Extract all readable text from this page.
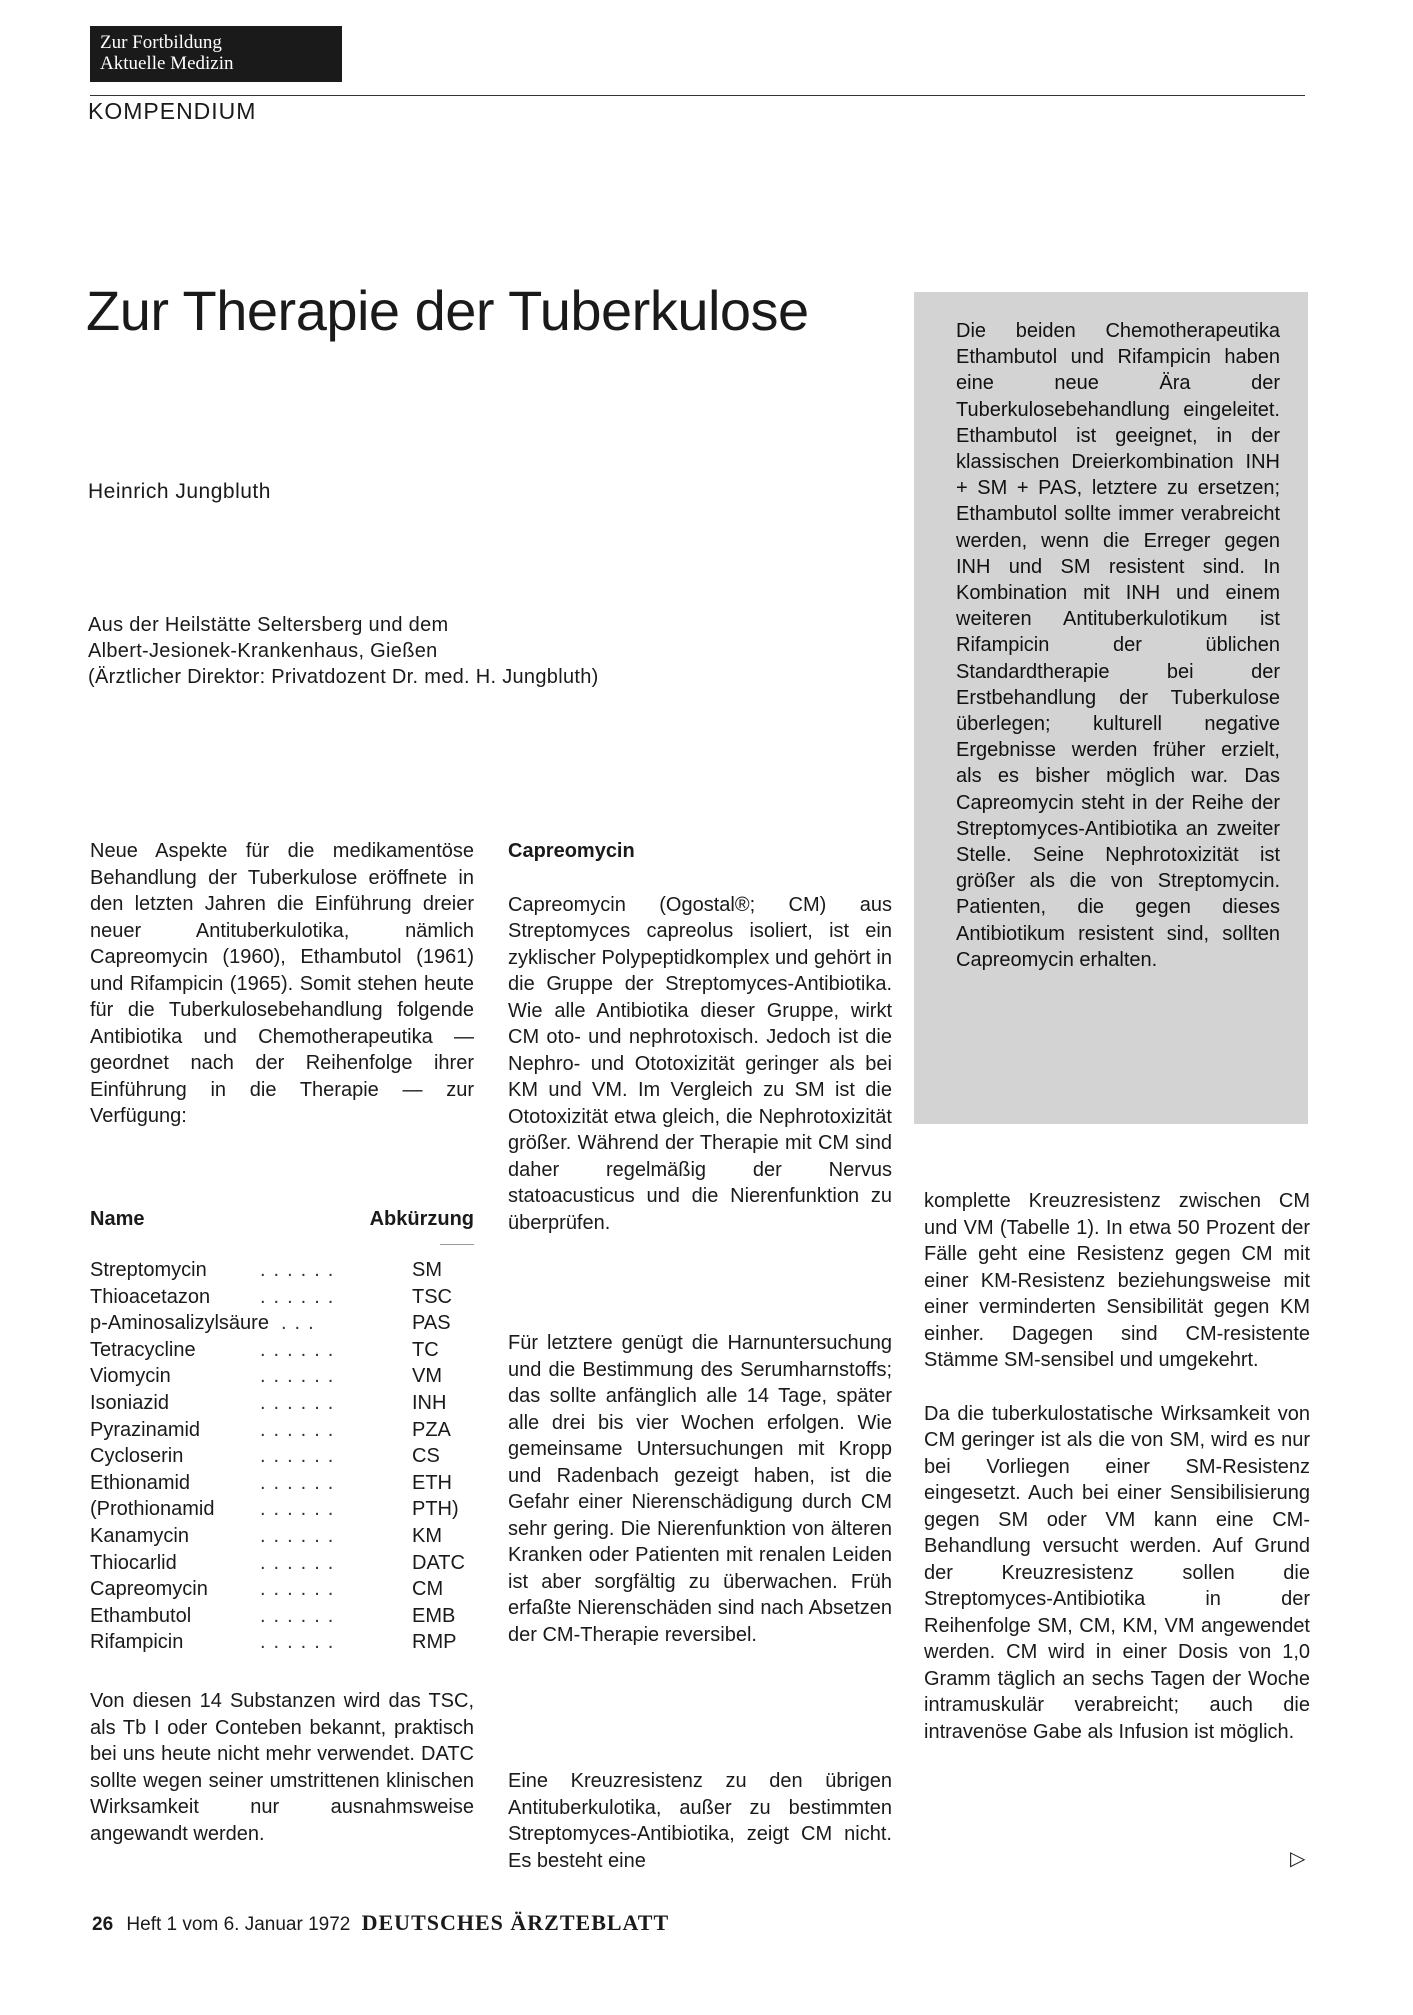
Zur Fortbildung
Aktuelle Medizin
KOMPENDIUM
Zur Therapie der Tuberkulose
Heinrich Jungbluth
Aus der Heilstätte Seltersberg und dem
Albert-Jesionek-Krankenhaus, Gießen
(Ärztlicher Direktor: Privatdozent Dr. med. H. Jungbluth)
Die beiden Chemotherapeutika Ethambutol und Rifampicin haben eine neue Ära der Tuberkulosebehandlung eingeleitet. Ethambutol ist geeignet, in der klassischen Dreierkombination INH + SM + PAS, letztere zu ersetzen; Ethambutol sollte immer verabreicht werden, wenn die Erreger gegen INH und SM resistent sind. In Kombination mit INH und einem weiteren Antituberkulotikum ist Rifampicin der üblichen Standardtherapie bei der Erstbehandlung der Tuberkulose überlegen; kulturell negative Ergebnisse werden früher erzielt, als es bisher möglich war. Das Capreomycin steht in der Reihe der Streptomyces-Antibiotika an zweiter Stelle. Seine Nephrotoxizität ist größer als die von Streptomycin. Patienten, die gegen dieses Antibiotikum resistent sind, sollten Capreomycin erhalten.

Neue Aspekte für die medikamentöse Behandlung der Tuberkulose eröffnete in den letzten Jahren die Einführung dreier neuer Antituberkulotika, nämlich Capreomycin (1960), Ethambutol (1961) und Rifampicin (1965). Somit stehen heute für die Tuberkulosebehandlung folgende Antibiotika und Chemotherapeutika — geordnet nach der Reihenfolge ihrer Einführung in die Therapie — zur Verfügung:

Name	Abkürzung
Streptomycin	......	SM
Thioacetazon ......	TSC
p-Aminosalizylsäure ...	PAS
Tetracycline	......	TC
Viomycin	......	VM
Isoniazid	......	INH
Pyrazinamid	......	PZA
Cycloserin	......	CS
Ethionamid	......	ETH
(Prothionamid ......	PTH)
Kanamycin	......	KM
Thiocarlid	......	DATC
Capreomycin	......	CM
Ethambutol	......	EMB
Rifampicin	......	RMP

Von diesen 14 Substanzen wird das TSC, als Tb I oder Conteben bekannt, praktisch bei uns heute nicht mehr verwendet. DATC sollte wegen seiner umstrittenen klinischen Wirksamkeit nur ausnahmsweise angewandt werden.

Capreomycin

Capreomycin (Ogostal®; CM) aus Streptomyces capreolus isoliert, ist ein zyklischer Polypeptidkomplex und gehört in die Gruppe der Streptomyces-Antibiotika. Wie alle Antibiotika dieser Gruppe, wirkt CM oto- und nephrotoxisch. Jedoch ist die Nephro- und Ototoxizität geringer als bei KM und VM. Im Vergleich zu SM ist die Ototoxizität etwa gleich, die Nephrotoxizität größer. Während der Therapie mit CM sind daher regelmäßig der Nervus statoacusticus und die Nierenfunktion zu überprüfen.

Für letztere genügt die Harnuntersuchung und die Bestimmung des Serumharnstoffs; das sollte anfänglich alle 14 Tage, später alle drei bis vier Wochen erfolgen. Wie gemeinsame Untersuchungen mit Kropp und Radenbach gezeigt haben, ist die Gefahr einer Nierenschädigung durch CM sehr gering. Die Nierenfunktion von älteren Kranken oder Patienten mit renalen Leiden ist aber sorgfältig zu überwachen. Früh erfaßte Nierenschäden sind nach Absetzen der CM-Therapie reversibel.

Eine Kreuzresistenz zu den übrigen Antituberkulotika, außer zu bestimmten Streptomyces-Antibiotika, zeigt CM nicht. Es besteht eine

komplette Kreuzresistenz zwischen CM und VM (Tabelle 1). In etwa 50 Prozent der Fälle geht eine Resistenz gegen CM mit einer KM-Resistenz beziehungsweise mit einer verminderten Sensibilität gegen KM einher. Dagegen sind CM-resistente Stämme SM-sensibel und umgekehrt.

Da die tuberkulostatische Wirksamkeit von CM geringer ist als die von SM, wird es nur bei Vorliegen einer SM-Resistenz eingesetzt. Auch bei einer Sensibilisierung gegen SM oder VM kann eine CM-Behandlung versucht werden. Auf Grund der Kreuzresistenz sollen die Streptomyces-Antibiotika in der Reihenfolge SM, CM, KM, VM angewendet werden. CM wird in einer Dosis von 1,0 Gramm täglich an sechs Tagen der Woche intramuskulär verabreicht; auch die intravenöse Gabe als Infusion ist möglich.

▷
26 Heft 1 vom 6. Januar 1972 DEUTSCHES ÄRZTEBLATT
